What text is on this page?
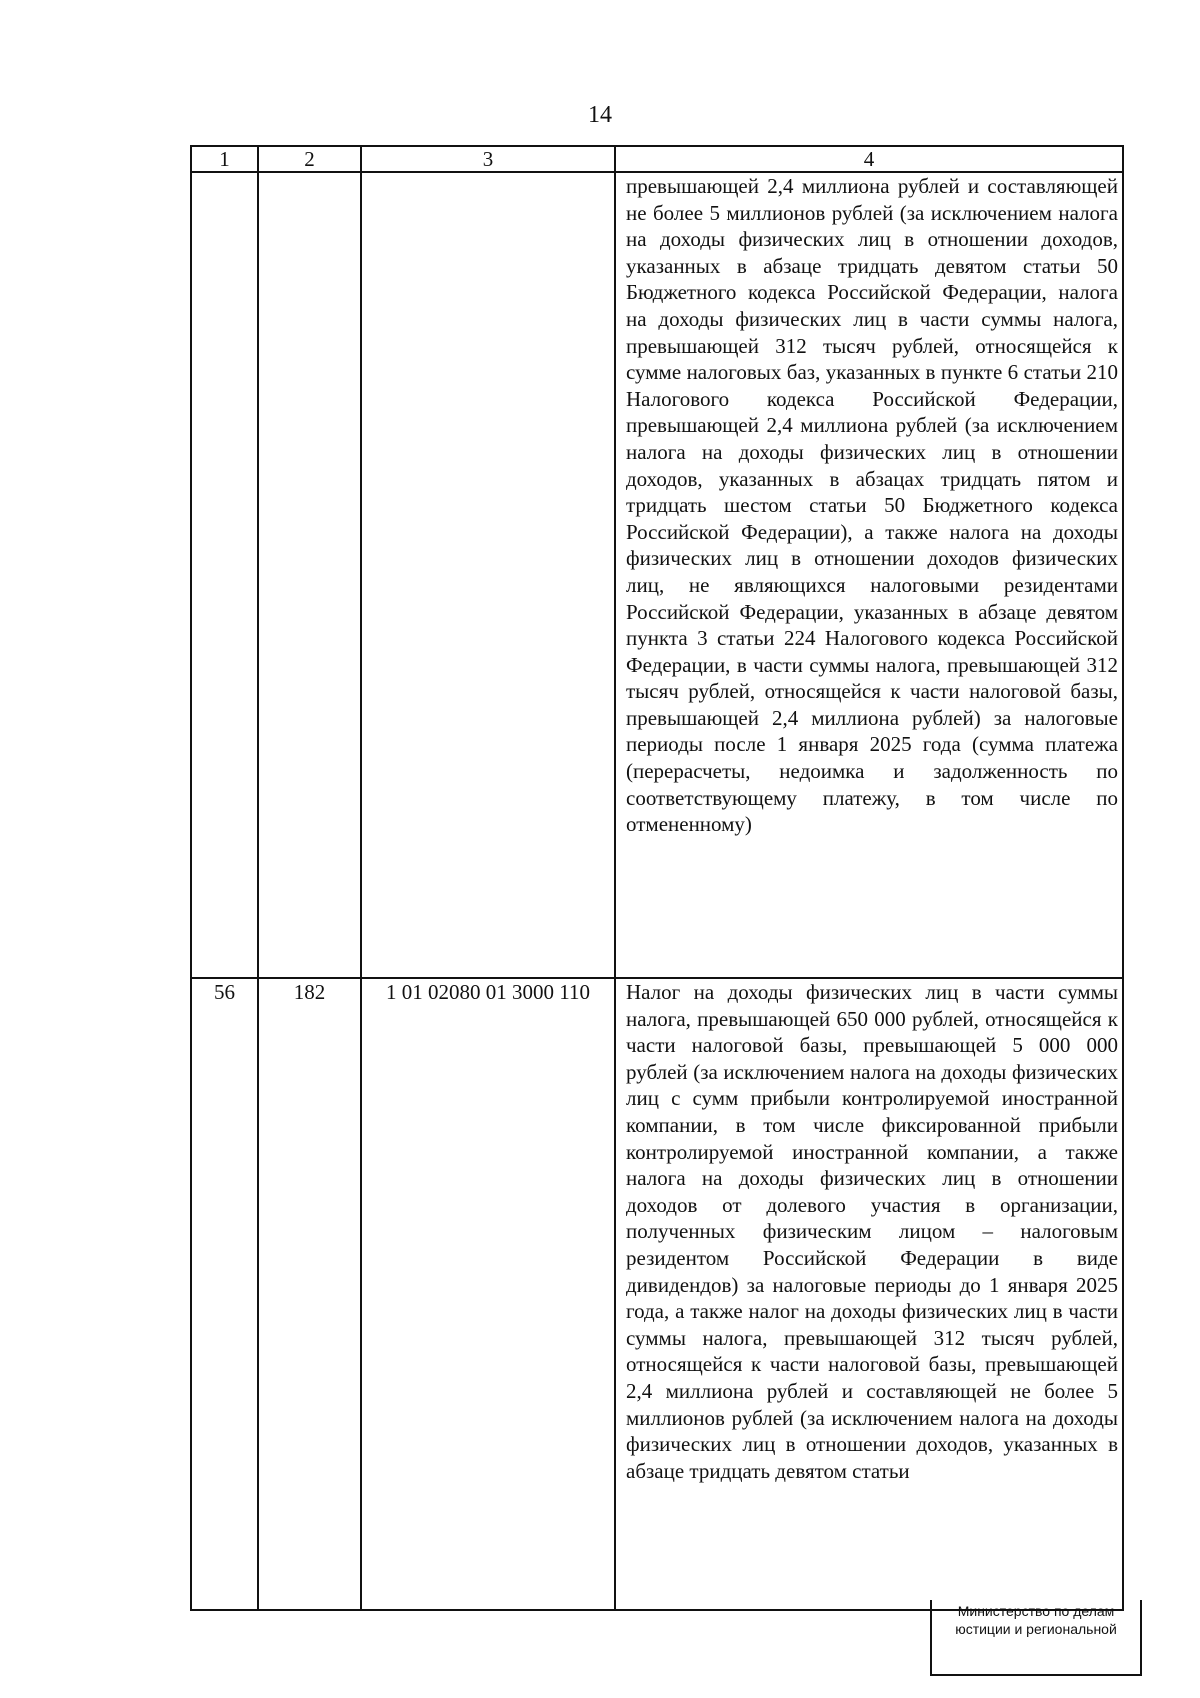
14
1	2	3	4

			превышающей 2,4 миллиона рублей и составляющей не более 5 миллионов рублей (за исключением налога на доходы физических лиц в отношении доходов, указанных в абзаце тридцать девятом статьи 50 Бюджетного кодекса Российской Федерации, налога на доходы физических лиц в части суммы налога, превышающей 312 тысяч рублей, относящейся к сумме налоговых баз, указанных в пункте 6 статьи 210 Налогового кодекса Российской Федерации, превышающей 2,4 миллиона рублей (за исключением налога на доходы физических лиц в отношении доходов, указанных в абзацах тридцать пятом и тридцать шестом статьи 50 Бюджетного кодекса Российской Федерации), а также налога на доходы физических лиц в отношении доходов физических лиц, не являющихся налоговыми резидентами Российской Федерации, указанных в абзаце девятом пункта 3 статьи 224 Налогового кодекса Российской Федерации, в части суммы налога, превышающей 312 тысяч рублей, относящейся к части налоговой базы, превышающей 2,4 миллиона рублей) за налоговые периоды после 1 января 2025 года (сумма платежа (перерасчеты, недоимка и задолженность по соответствующему платежу, в том числе по отмененному)

56	182	1 01 02080 01 3000 110	Налог на доходы физических лиц в части суммы налога, превышающей 650 000 рублей, относящейся к части налоговой базы, превышающей 5 000 000 рублей (за исключением налога на доходы физических лиц с сумм прибыли контролируемой иностранной компании, в том числе фиксированной прибыли контролируемой иностранной компании, а также налога на доходы физических лиц в отношении доходов от долевого участия в организации, полученных физическим лицом – налоговым резидентом Российской Федерации в виде дивидендов) за налоговые периоды до 1 января 2025 года, а также налог на доходы физических лиц в части суммы налога, превышающей 312 тысяч рублей, относящейся к части налоговой базы, превышающей 2,4 миллиона рублей и составляющей не более 5 миллионов рублей (за исключением налога на доходы физических лиц в отношении доходов, указанных в абзаце тридцать девятом статьи
Министерство по делам
юстиции и региональной
